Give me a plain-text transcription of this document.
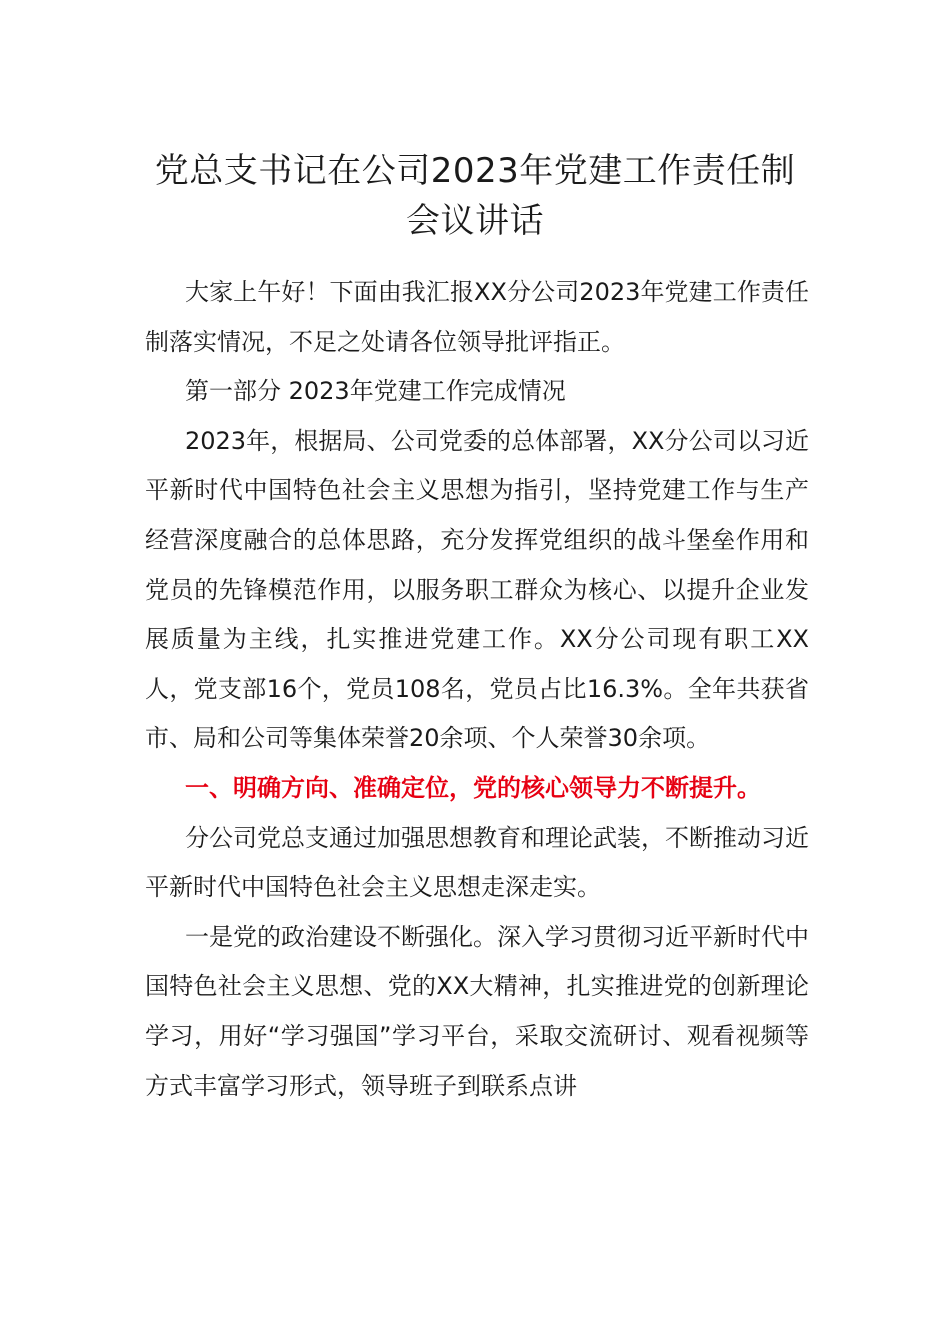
党总支书记在公司2023年党建工作责任制会议讲话

大家上午好！下面由我汇报XX分公司2023年党建工作责任制落实情况，不足之处请各位领导批评指正。

第一部分 2023年党建工作完成情况

2023年，根据局、公司党委的总体部署，XX分公司以习近平新时代中国特色社会主义思想为指引，坚持党建工作与生产经营深度融合的总体思路，充分发挥党组织的战斗堡垒作用和党员的先锋模范作用，以服务职工群众为核心、以提升企业发展质量为主线，扎实推进党建工作。XX分公司现有职工XX人，党支部16个，党员108名，党员占比16.3%。全年共获省市、局和公司等集体荣誉20余项、个人荣誉30余项。

一、明确方向、准确定位，党的核心领导力不断提升。

分公司党总支通过加强思想教育和理论武装，不断推动习近平新时代中国特色社会主义思想走深走实。

一是党的政治建设不断强化。深入学习贯彻习近平新时代中国特色社会主义思想、党的XX大精神，扎实推进党的创新理论学习，用好“学习强国”学习平台，采取交流研讨、观看视频等方式丰富学习形式，领导班子到联系点讲
